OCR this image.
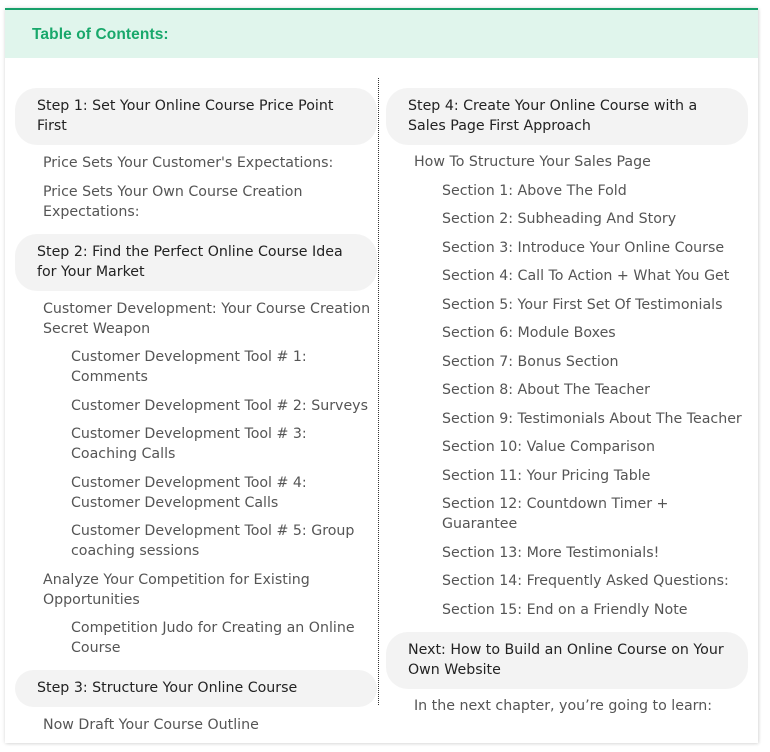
Table of Contents:
Step 1: Set Your Online Course Price Point First
Price Sets Your Customer's Expectations:
Price Sets Your Own Course Creation Expectations:
Step 2: Find the Perfect Online Course Idea for Your Market
Customer Development: Your Course Creation Secret Weapon
Customer Development Tool # 1: Comments
Customer Development Tool # 2: Surveys
Customer Development Tool # 3: Coaching Calls
Customer Development Tool # 4: Customer Development Calls
Customer Development Tool # 5: Group coaching sessions
Analyze Your Competition for Existing Opportunities
Competition Judo for Creating an Online Course
Step 3: Structure Your Online Course
Now Draft Your Course Outline
Step 4: Create Your Online Course with a Sales Page First Approach
How To Structure Your Sales Page
Section 1: Above The Fold
Section 2: Subheading And Story
Section 3: Introduce Your Online Course
Section 4: Call To Action + What You Get
Section 5: Your First Set Of Testimonials
Section 6: Module Boxes
Section 7: Bonus Section
Section 8: About The Teacher
Section 9: Testimonials About The Teacher
Section 10: Value Comparison
Section 11: Your Pricing Table
Section 12: Countdown Timer + Guarantee
Section 13: More Testimonials!
Section 14: Frequently Asked Questions:
Section 15: End on a Friendly Note
Next: How to Build an Online Course on Your Own Website
In the next chapter, you’re going to learn:
